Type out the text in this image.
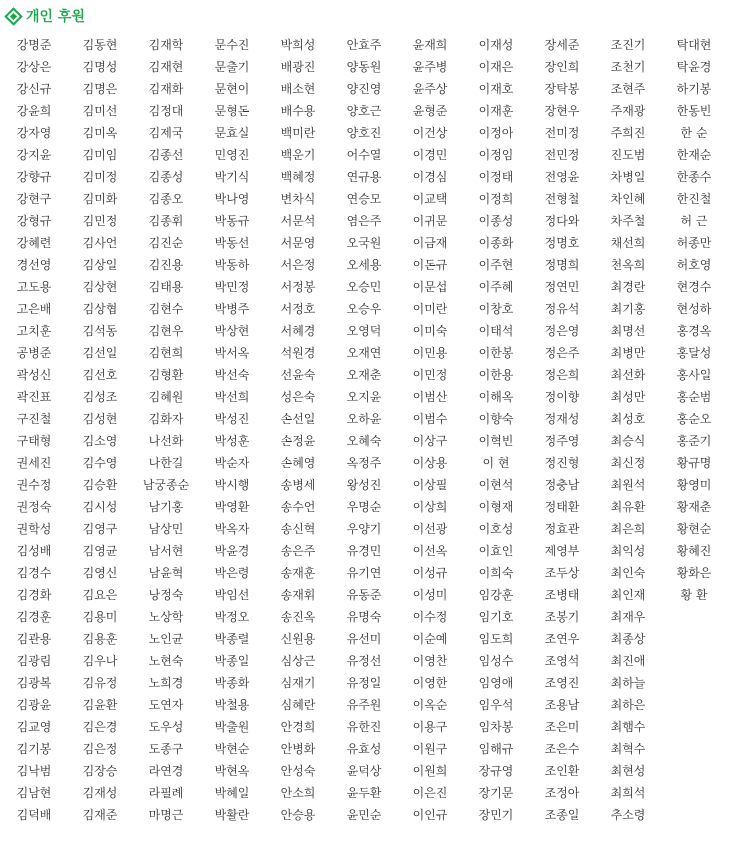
개인 후원
강명준	김동현	김재학	문수진	박희성	안효주	윤재희	이재성	장세준	조진기	탁대현
강상은	김명성	김재현	문출기	배광진	양동원	윤주병	이재은	장인희	조천기	탁윤경
강신규	김명은	김재화	문현이	배소현	양진영	윤주상	이재호	장탁봉	조현주	하기봉
강윤희	김미선	김정대	문형돈	배수용	양호근	윤형준	이재훈	장현우	주재광	한동빈
강자영	김미옥	김제국	문효실	백미란	양호진	이건상	이정아	전미정	주희진	한 순
강지윤	김미임	김종선	민영진	백운기	어수열	이경민	이정임	전민정	진도범	한재순
강향규	김미정	김종성	박기식	백혜정	연규용	이경심	이정태	전영윤	차병일	한종수
강현구	김미화	김종오	박나영	변차식	연승모	이교택	이정희	전형철	차인혜	한진철
강형규	김민정	김종휘	박동규	서문석	염은주	이귀문	이종성	정다와	차주철	허 근
강혜련	김사언	김진순	박동선	서문영	오국원	이금재	이종화	정명호	채선희	허종만
경선영	김상일	김진용	박동하	서은정	오세용	이돈규	이주현	정명희	천옥희	허호영
고도용	김상현	김태용	박민정	서정봉	오승민	이문섭	이주혜	정연민	최경란	현경수
고은배	김상협	김현수	박병주	서정호	오승우	이미란	이창호	정유석	최기홍	현성하
고치훈	김석동	김현우	박상현	서혜경	오영덕	이미숙	이태석	정은영	최명선	홍경옥
공병준	김선일	김현희	박서옥	석원경	오재연	이민용	이한봉	정은주	최병만	홍달성
곽성신	김선호	김형환	박선숙	선윤숙	오재춘	이민정	이한용	정은희	최선화	홍사일
곽진표	김성조	김혜원	박선희	성은숙	오지윤	이범산	이해옥	정이향	최성만	홍순범
구진철	김성현	김화자	박성진	손선일	오하윤	이범수	이향숙	정재성	최성호	홍순오
구태형	김소영	나선화	박성훈	손정윤	오혜숙	이상구	이혁빈	정주영	최승식	홍준기
권세진	김수영	나한길	박순자	손혜영	옥정주	이상용	이 현	정진형	최신정	황규명
권수정	김승환	남궁종순	박시행	송병세	왕성진	이상필	이현석	정충남	최원석	황영미
권정숙	김시성	남기홍	박영환	송수언	우명순	이상희	이형재	정태환	최유환	황재춘
권학성	김영구	남상민	박옥자	송신혁	우양기	이선광	이호성	정효관	최은희	황현순
김성배	김영균	남서현	박윤경	송은주	유경민	이선옥	이효인	제영부	최익성	황혜진
김경수	김영신	남윤혁	박은령	송재훈	유기연	이성규	이희숙	조두상	최인숙	황화은
김경화	김요은	낭정숙	박임선	송재휘	유동준	이성미	임강훈	조병태	최인재	황 환
김경훈	김용미	노상학	박정오	송진옥	유명숙	이수정	임기호	조봉기	최재우
김관용	김용훈	노인균	박종렬	신원용	유선미	이순예	임도희	조연우	최종상
김광림	김우나	노현숙	박종일	심상근	유정선	이영찬	임성수	조영석	최진애
김광복	김유정	노희경	박종화	심재기	유정일	이영한	임영애	조영진	최하늘
김광윤	김윤환	도연자	박철용	심혜란	유주원	이옥순	임우석	조용남	최하은
김교영	김은경	도우성	박출원	안경희	유한진	이용구	임차봉	조은미	최햄수
김기봉	김은정	도종구	박현순	안병화	유효성	이원구	임해규	조은수	최혁수
김낙범	김장승	라연경	박현옥	안성숙	윤덕상	이원희	장규영	조인환	최현성
김남현	김재성	라필례	박혜일	안소희	윤두환	이은진	장기문	조정아	최희석
김덕배	김재준	마명근	박활란	안승용	윤민순	이인규	장민기	조종일	추소령
